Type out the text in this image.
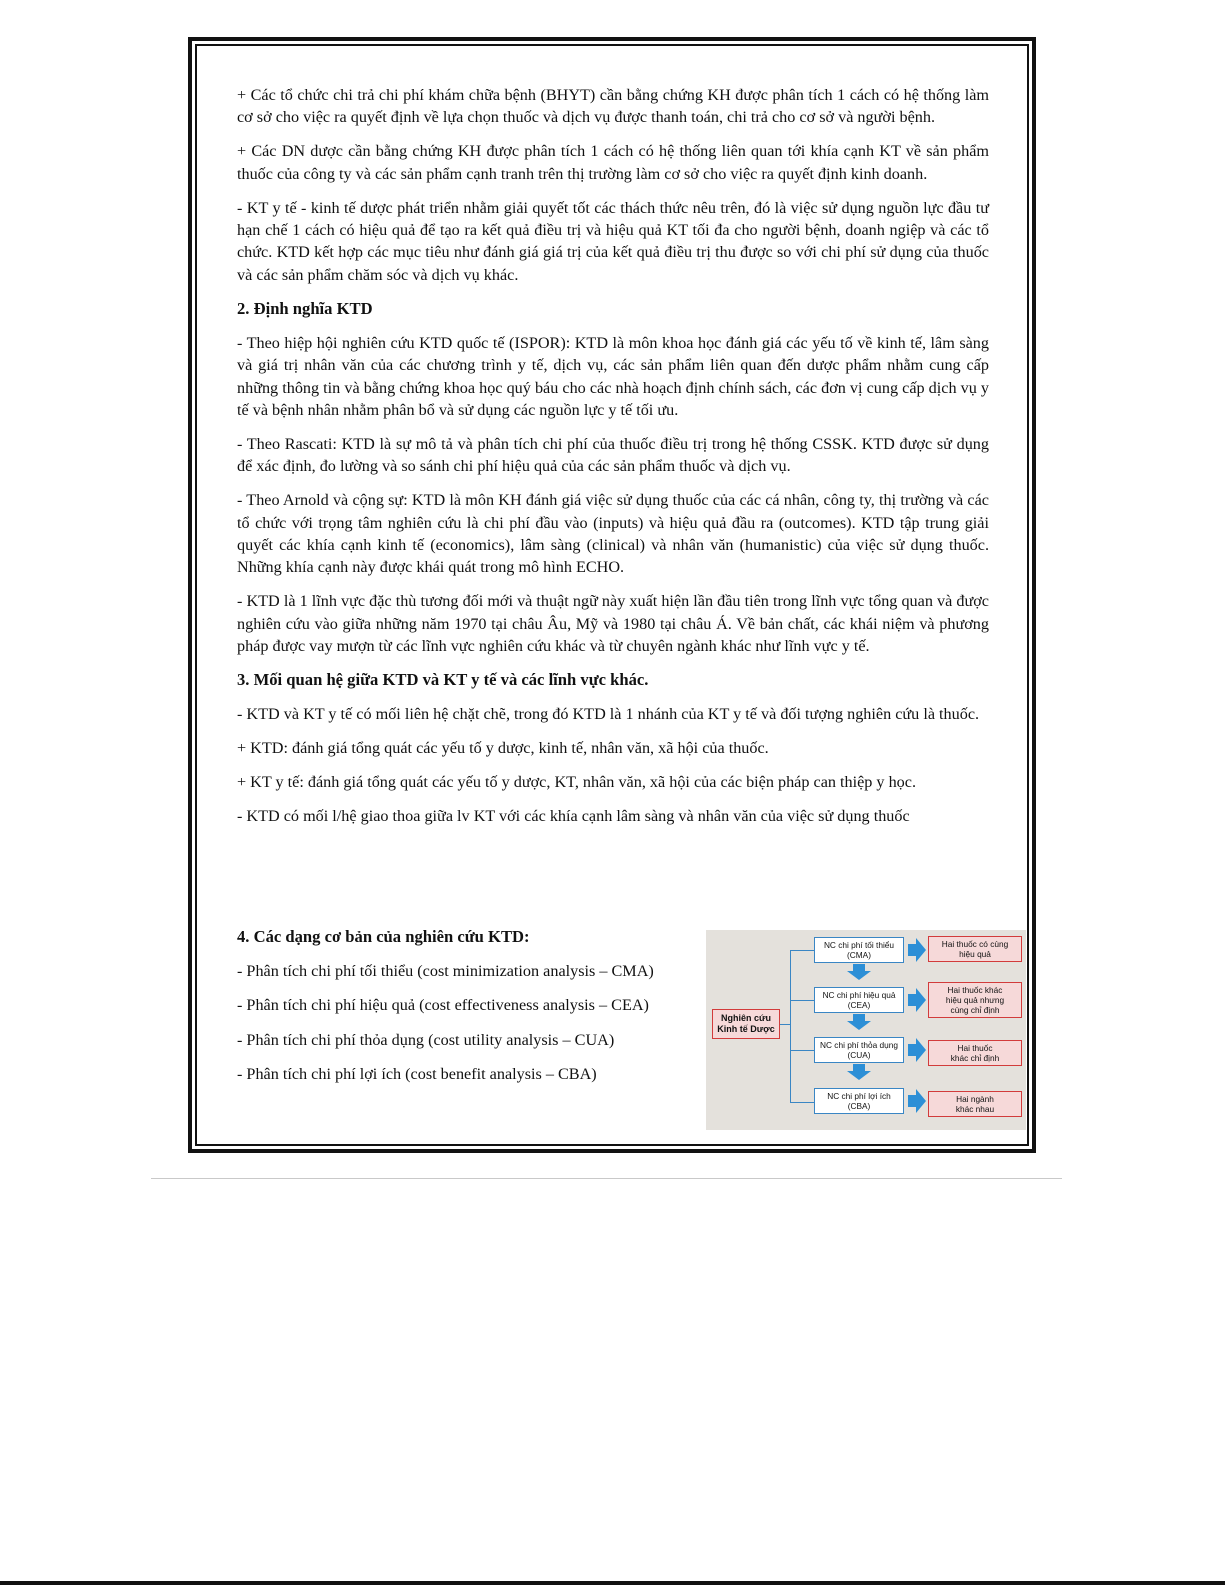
+ Các tổ chức chi trả chi phí khám chữa bệnh (BHYT) cần bằng chứng KH được phân tích 1 cách có hệ thống làm cơ sở cho việc ra quyết định về lựa chọn thuốc và dịch vụ được thanh toán, chi trả cho cơ sở và người bệnh.

+ Các DN dược cần bằng chứng KH được phân tích 1 cách có hệ thống liên quan tới khía cạnh KT về sản phẩm thuốc của công ty và các sản phẩm cạnh tranh trên thị trường làm cơ sở cho việc ra quyết định kinh doanh.

- KT y tế - kinh tế dược phát triển nhằm giải quyết tốt các thách thức nêu trên, đó là việc sử dụng nguồn lực đầu tư hạn chế 1 cách có hiệu quả để tạo ra kết quả điều trị và hiệu quả KT tối đa cho người bệnh, doanh ngiệp và các tổ chức. KTD kết hợp các mục tiêu như đánh giá giá trị của kết quả điều trị thu được so với chi phí sử dụng của thuốc và các sản phẩm chăm sóc và dịch vụ khác.

2. Định nghĩa KTD

- Theo hiệp hội nghiên cứu KTD quốc tế (ISPOR): KTD là môn khoa học đánh giá các yếu tố về kinh tế, lâm sàng và giá trị nhân văn của các chương trình y tế, dịch vụ, các sản phẩm liên quan đến dược phẩm nhằm cung cấp những thông tin và bằng chứng khoa học quý báu cho các nhà hoạch định chính sách, các đơn vị cung cấp dịch vụ y tế và bệnh nhân nhằm phân bổ và sử dụng các nguồn lực y tế tối ưu.

- Theo Rascati: KTD là sự mô tả và phân tích chi phí của thuốc điều trị trong hệ thống CSSK. KTD được sử dụng để xác định, đo lường và so sánh chi phí hiệu quả của các sản phẩm thuốc và dịch vụ.

- Theo Arnold và cộng sự: KTD là môn KH đánh giá việc sử dụng thuốc của các cá nhân, công ty, thị trường và các tổ chức với trọng tâm nghiên cứu là chi phí đầu vào (inputs) và hiệu quả đầu ra (outcomes). KTD tập trung giải quyết các khía cạnh kinh tế (economics), lâm sàng (clinical) và nhân văn (humanistic) của việc sử dụng thuốc. Những khía cạnh này được khái quát trong mô hình ECHO.

- KTD là 1 lĩnh vực đặc thù tương đối mới và thuật ngữ này xuất hiện lần đầu tiên trong lĩnh vực tổng quan và được nghiên cứu vào giữa những năm 1970 tại châu Âu, Mỹ và 1980 tại châu Á. Về bản chất, các khái niệm và phương pháp được vay mượn từ các lĩnh vực nghiên cứu khác và từ chuyên ngành khác như lĩnh vực y tế.

3. Mối quan hệ giữa KTD và KT y tế và các lĩnh vực khác.

- KTD và KT y tế có mối liên hệ chặt chẽ, trong đó KTD là 1 nhánh của KT y tế và đối tượng nghiên cứu là thuốc.

+ KTD: đánh giá tổng quát các yếu tố y dược, kinh tế, nhân văn, xã hội của thuốc.

+ KT y tế: đánh giá tổng quát các yếu tố y dược, KT, nhân văn, xã hội của các biện pháp can thiệp y học.

- KTD có mối l/hệ giao thoa giữa lv KT với các khía cạnh lâm sàng và nhân văn của việc sử dụng thuốc

4. Các dạng cơ bản của nghiên cứu KTD:

- Phân tích chi phí tối thiểu (cost minimization analysis – CMA)

- Phân tích chi phí hiệu quả (cost effectiveness analysis – CEA)

- Phân tích chi phí thỏa dụng (cost utility analysis – CUA)

- Phân tích chi phí lợi ích (cost benefit analysis – CBA)

Nghiên cứu
Kinh tế Dược
NC chi phí tối thiểu
(CMA)
NC chi phí hiệu quả
(CEA)
NC chi phí thỏa dụng
(CUA)
NC chi phí lợi ích
(CBA)
Hai thuốc có cùng
hiệu quả
Hai thuốc khác
hiệu quả nhưng
cùng chỉ định
Hai thuốc
khác chỉ định
Hai ngành
khác nhau
